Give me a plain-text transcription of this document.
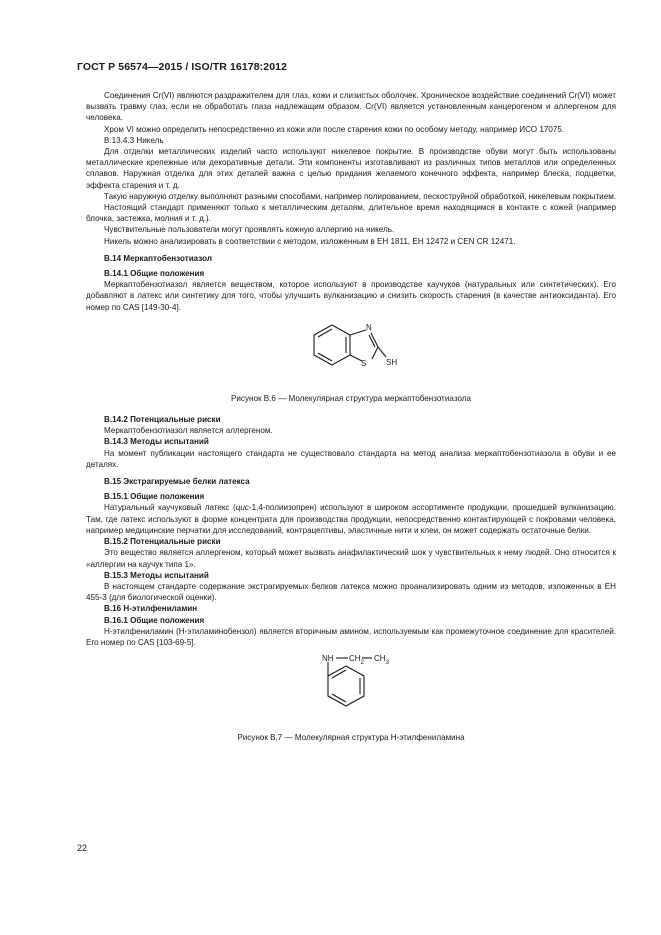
ГОСТ Р 56574—2015 / ISO/TR 16178:2012

Соединения Cr(VI) являются раздражителем для глаз, кожи и слизистых оболочек. Хроническое воздействие соединений Cr(VI) может вызвать травму глаз, если не обработать глаза надлежащим образом. Cr(VI) является установленным канцерогеном и аллергеном для человека.

Хром VI можно определить непосредственно из кожи или после старения кожи по особому методу, например ИСО 17075.

В.13.4.3 Никель

Для отделки металлических изделий часто используют никелевое покрытие. В производстве обуви могут быть использованы металлические крепежные или декоративные детали. Эти компоненты изготавливают из различных типов металлов или определенных сплавов. Наружная отделка для этих деталей важна с целью придания желаемого конечного эффекта, например блеска, подцветки, эффекта старения и т. д.

Такую наружную отделку выполняют разными способами, например полированием, пескоструйной обработкой, никелевым покрытием.

Настоящий стандарт применяют только к металлическим деталям, длительное время находящимся в контакте с кожей (например блочка, застежка, молния и т. д.).

Чувствительные пользователи могут проявлять кожную аллергию на никель.

Никель можно анализировать в соответствии с методом, изложенным в ЕН 1811, ЕН 12472 и CEN CR 12471.

В.14 Меркаптобензотиазол

В.14.1 Общие положения

Меркаптобензотиазол является веществом, которое используют в производстве каучуков (натуральных или синтетических). Его добавляют в латекс или синтетику для того, чтобы улучшить вулканизацию и снизить скорость старения (в качестве антиоксиданта). Его номер по CAS [149-30-4].

N
S SH

Рисунок В.6 — Молекулярная структура меркаптобензотиазола

В.14.2 Потенциальные риски

Меркаптобензотиазол является аллергеном.

В.14.3 Методы испытаний

На момент публикации настоящего стандарта не существовало стандарта на метод анализа меркаптобензотиазола в обуви и ее деталях.

В.15 Экстрагируемые белки латекса

В.15.1 Общие положения

Натуральный каучуковый латекс (цис-1,4-полиизопрен) используют в широком ассортименте продукции, прошедшей вулканизацию. Там, где латекс используют в форме концентрата для производства продукции, непосредственно контактирующей с покровами человека, например медицинские перчатки для исследований, контрацептивы, эластичные нити и клеи, он может содержать остаточные белки.

В.15.2 Потенциальные риски

Это вещество является аллергеном, который может вызвать анафилактический шок у чувствительных к нему людей. Оно относится к «аллергии на каучук типа 1».

В.15.3 Методы испытаний

В настоящем стандарте содержание экстрагируемых белков латекса можно проанализировать одним из методов, изложенных в ЕН 455-3 (для биологической оценки).

В.16 Н-этилфениламин

В.16.1 Общие положения

Н-этилфениламин (Н-этиламинобензол) является вторичным амином, используемым как промежуточное соединение для красителей. Его номер по CAS [103-69-5].

NH $CH_2$ $CH_3$

Рисунок В.7 — Молекулярная структура Н-этилфениламина

22
